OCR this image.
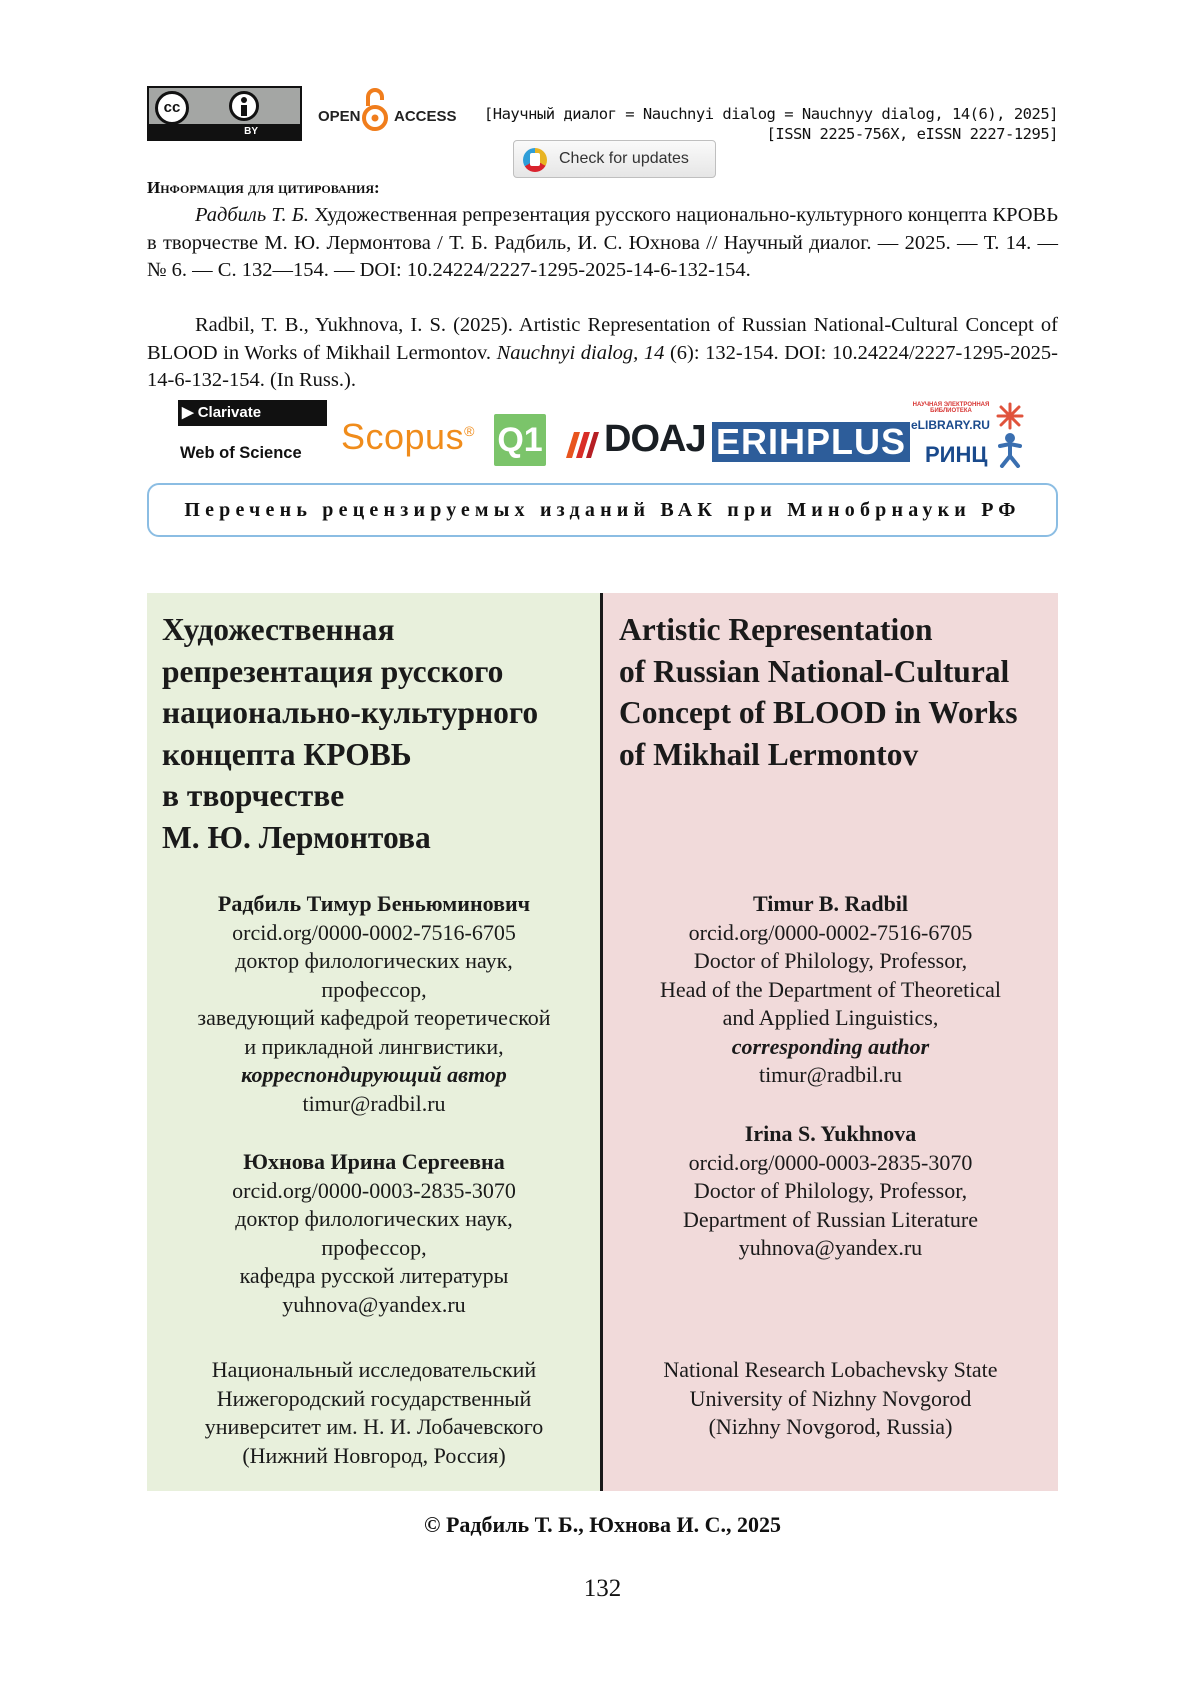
cc
BY
OPEN ACCESS [Научный диалог = Nauchnyi dialog = Nauchnyy dialog, 14(6), 2025]
[ISSN 2225-756X, eISSN 2227-1295]
Check for updates
Информация для цитирования:
Радбиль Т. Б. Художественная репрезентация русского национально-культурного концепта КРОВЬ в творчестве М. Ю. Лермонтова / Т. Б. Радбиль, И. С. Юхнова // Научный диалог. — 2025. — Т. 14. — № 6. — С. 132—154. — DOI: 10.24224/2227-1295-2025-14-6-132-154.
Radbil, T. B., Yukhnova, I. S. (2025). Artistic Representation of Russian National-Cultural Concept of BLOOD in Works of Mikhail Lermontov. Nauchnyi dialog, 14 (6): 132-154. DOI: 10.24224/2227-1295-2025-14-6-132-154. (In Russ.).
▶ Clarivate
Web of Science Scopus® Q1 DOAJ ERIHPLUS
НАУЧНАЯ ЭЛЕКТРОННАЯ БИБЛИОТЕКА
eLIBRARY.RU
РИНЦ
Перечень рецензируемых изданий ВАК при Минобрнауки РФ
Художественная
репрезентация русского
национально-культурного
концепта КРОВЬ
в творчестве
М. Ю. Лермонтова
Artistic Representation
of Russian National-Cultural
Concept of BLOOD in Works
of Mikhail Lermontov
Радбиль Тимур Беньюминович
orcid.org/0000-0002-7516-6705
доктор филологических наук,
профессор,
заведующий кафедрой теоретической
и прикладной лингвистики,
корреспондирующий автор
timur@radbil.ru
Юхнова Ирина Сергеевна
orcid.org/0000-0003-2835-3070
доктор филологических наук,
профессор,
кафедра русской литературы
yuhnova@yandex.ru
Национальный исследовательский
Нижегородский государственный
университет им. Н. И. Лобачевского
(Нижний Новгород, Россия)
Timur B. Radbil
orcid.org/0000-0002-7516-6705
Doctor of Philology, Professor,
Head of the Department of Theoretical
and Applied Linguistics,
corresponding author
timur@radbil.ru
Irina S. Yukhnova
orcid.org/0000-0003-2835-3070
Doctor of Philology, Professor,
Department of Russian Literature
yuhnova@yandex.ru
National Research Lobachevsky State
University of Nizhny Novgorod
(Nizhny Novgorod, Russia)
© Радбиль Т. Б., Юхнова И. С., 2025
132
